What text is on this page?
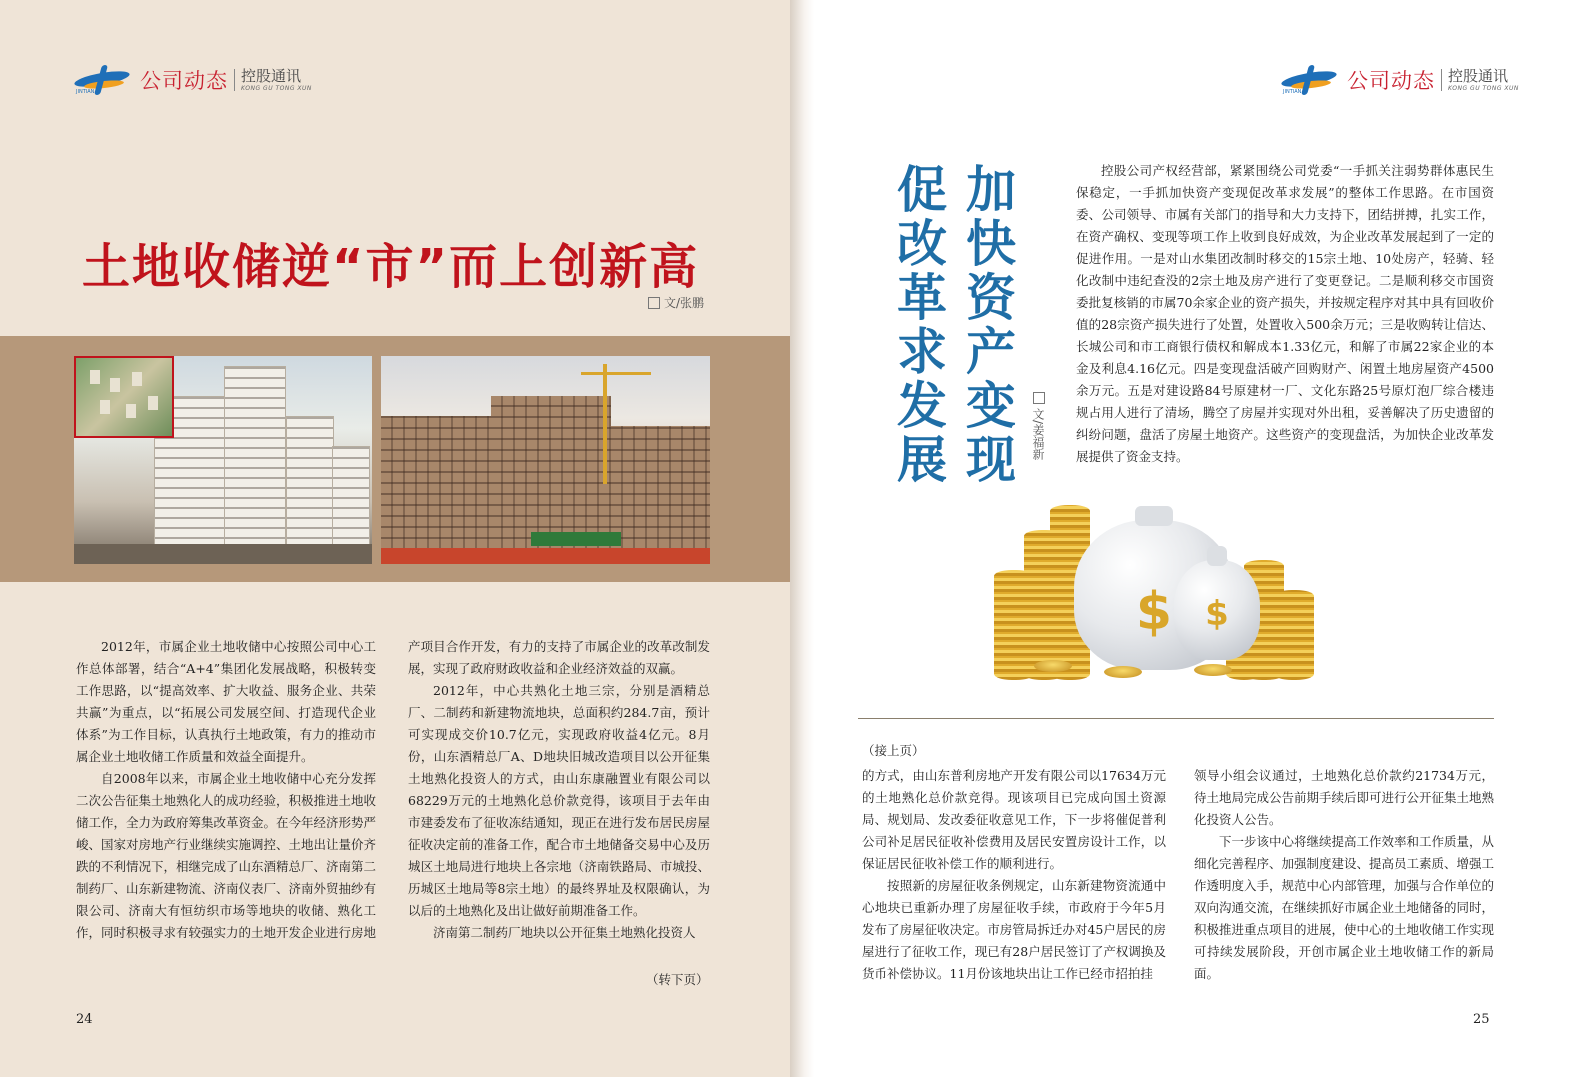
JINTIAN 公司动态 控股通讯
KONG GU TONG XUN
土地收储逆“市”而上创新高
文/张鹏

2012年，市属企业土地收储中心按照公司中心工作总体部署，结合“A+4”集团化发展战略，积极转变工作思路，以“提高效率、扩大收益、服务企业、共荣共赢”为重点，以“拓展公司发展空间、打造现代企业体系”为工作目标，认真执行土地政策，有力的推动市属企业土地收储工作质量和效益全面提升。

自2008年以来，市属企业土地收储中心充分发挥二次公告征集土地熟化人的成功经验，积极推进土地收储工作，全力为政府筹集改革资金。在今年经济形势严峻、国家对房地产行业继续实施调控、土地出让量价齐跌的不利情况下，相继完成了山东酒精总厂、济南第二制药厂、山东新建物流、济南仪表厂、济南外贸抽纱有限公司、济南大有恒纺织市场等地块的收储、熟化工作，同时积极寻求有较强实力的土地开发企业进行房地

产项目合作开发，有力的支持了市属企业的改革改制发展，实现了政府财政收益和企业经济效益的双赢。

2012年，中心共熟化土地三宗，分别是酒精总厂、二制药和新建物流地块，总面积约284.7亩，预计可实现成交价10.7亿元，实现政府收益4亿元。8月份，山东酒精总厂A、D地块旧城改造项目以公开征集土地熟化投资人的方式，由山东康融置业有限公司以68229万元的土地熟化总价款竞得，该项目于去年由市建委发布了征收冻结通知，现正在进行发布居民房屋征收决定前的准备工作，配合市土地储备交易中心及历城区土地局进行地块上各宗地（济南铁路局、市城投、历城区土地局等8宗土地）的最终界址及权限确认，为以后的土地熟化及出让做好前期准备工作。

济南第二制药厂地块以公开征集土地熟化投资人

（转下页）
24
JINTIAN 公司动态 控股通讯
KONG GU TONG XUN
加快资产变现
促改革求发展	文/姜福新

控股公司产权经营部，紧紧围绕公司党委“一手抓关注弱势群体惠民生保稳定，一手抓加快资产变现促改革求发展”的整体工作思路。在市国资委、公司领导、市属有关部门的指导和大力支持下，团结拼搏，扎实工作，在资产确权、变现等项工作上收到良好成效，为企业改革发展起到了一定的促进作用。一是对山水集团改制时移交的15宗土地、10处房产，轻骑、轻化改制中违纪查没的2宗土地及房产进行了变更登记。二是顺利移交市国资委批复核销的市属70余家企业的资产损失，并按规定程序对其中具有回收价值的28宗资产损失进行了处置，处置收入500余万元；三是收购转让信达、长城公司和市工商银行债权和解成本1.33亿元，和解了市属22家企业的本金及利息4.16亿元。四是变现盘活破产回购财产、闲置土地房屋资产4500余万元。五是对建设路84号原建材一厂、文化东路25号原灯泡厂综合楼违规占用人进行了清场，腾空了房屋并实现对外出租，妥善解决了历史遗留的纠纷问题，盘活了房屋土地资产。这些资产的变现盘活，为加快企业改革发展提供了资金支持。

$ $
（接上页）

的方式，由山东普利房地产开发有限公司以17634万元的土地熟化总价款竞得。现该项目已完成向国土资源局、规划局、发改委征收意见工作，下一步将催促普利公司补足居民征收补偿费用及居民安置房设计工作，以保证居民征收补偿工作的顺利进行。

按照新的房屋征收条例规定，山东新建物资流通中心地块已重新办理了房屋征收手续，市政府于今年5月发布了房屋征收决定。市房管局拆迁办对45户居民的房屋进行了征收工作，现已有28户居民签订了产权调换及货币补偿协议。11月份该地块出让工作已经市招拍挂

领导小组会议通过，土地熟化总价款约21734万元，待土地局完成公告前期手续后即可进行公开征集土地熟化投资人公告。

下一步该中心将继续提高工作效率和工作质量，从细化完善程序、加强制度建设、提高员工素质、增强工作透明度入手，规范中心内部管理，加强与合作单位的双向沟通交流，在继续抓好市属企业土地储备的同时，积极推进重点项目的进展，使中心的土地收储工作实现可持续发展阶段，开创市属企业土地收储工作的新局面。

25
